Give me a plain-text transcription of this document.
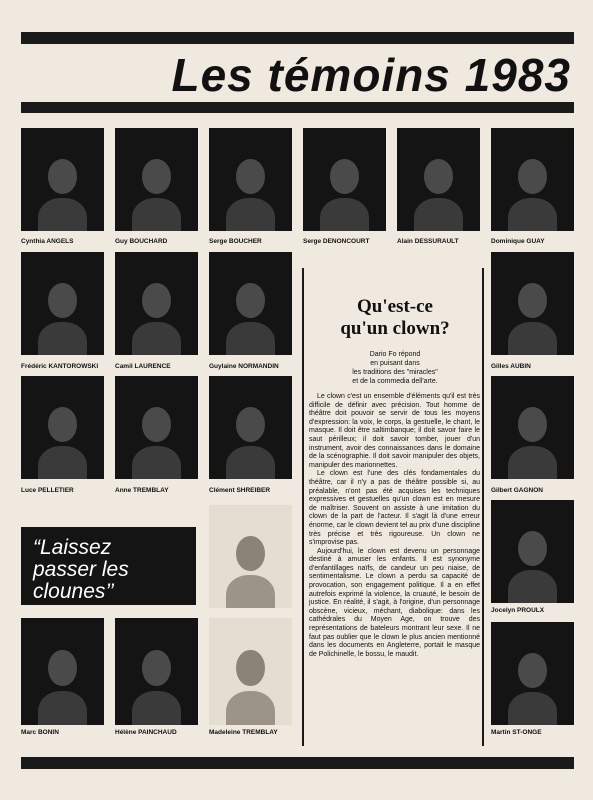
Les témoins 1983
Cynthia ANGELS	Guy BOUCHARD	Serge BOUCHER	Serge DENONCOURT	Alain DESSURAULT	Dominique GUAY
Frédéric KANTOROWSKI	Camil LAURENCE	Guylaine NORMANDIN	Gilles AUBIN
Luce PELLETIER	Anne TREMBLAY	Clément SHREIBER	Gilbert GAGNON
“Laissez
passer les
clounes’’
Jocelyn PROULX
Marc BONIN	Hélène PAINCHAUD	Madeleine TREMBLAY	Martin ST-ONGE
Qu'est-ce
qu'un clown?
Dario Fo répond
en puisant dans
les traditions des "miracles"
et de la commedia dell'arte.

Le clown c'est un ensemble d'éléments qu'il est très difficile de définir avec précision. Tout homme de théâtre doit pouvoir se servir de tous les moyens d'expression: la voix, le corps, la gestuelle, le chant, le masque. Il doit être saltimbanque; il doit savoir faire le saut périlleux; il doit savoir tomber, jouer d'un instrument, avoir des connaissances dans le domaine de la scénographie. Il doit savoir manipuler des objets, manipuler des marionnettes.

Le clown est l'une des clés fondamentales du théâtre, car il n'y a pas de théâtre possible si, au préalable, n'ont pas été acquises les techniques expressives et gestuelles qu'un clown est en mesure de maîtriser. Souvent on assiste à une imitation du clown de la part de l'acteur. Il s'agit là d'une erreur énorme, car le clown devient tel au prix d'une discipline très précise et très rigoureuse. Un clown ne s'improvise pas.

Aujourd'hui, le clown est devenu un personnage destiné à amuser les enfants. Il est synonyme d'enfantillages naïfs, de candeur un peu niaise, de sentimentalisme. Le clown a perdu sa capacité de provocation, son engagement politique. Il a en effet autrefois exprimé la violence, la cruauté, le besoin de justice. En réalité, il s'agit, à l'origine, d'un personnage obscène, vicieux, méchant, diabolique: dans les cathédrales du Moyen Age, on trouve des représentations de bateleurs montrant leur sexe. Il ne faut pas oublier que le clown le plus ancien mentionné dans les documents en Angleterre, portait le masque de Polichinelle, le bossu, le maudit.
